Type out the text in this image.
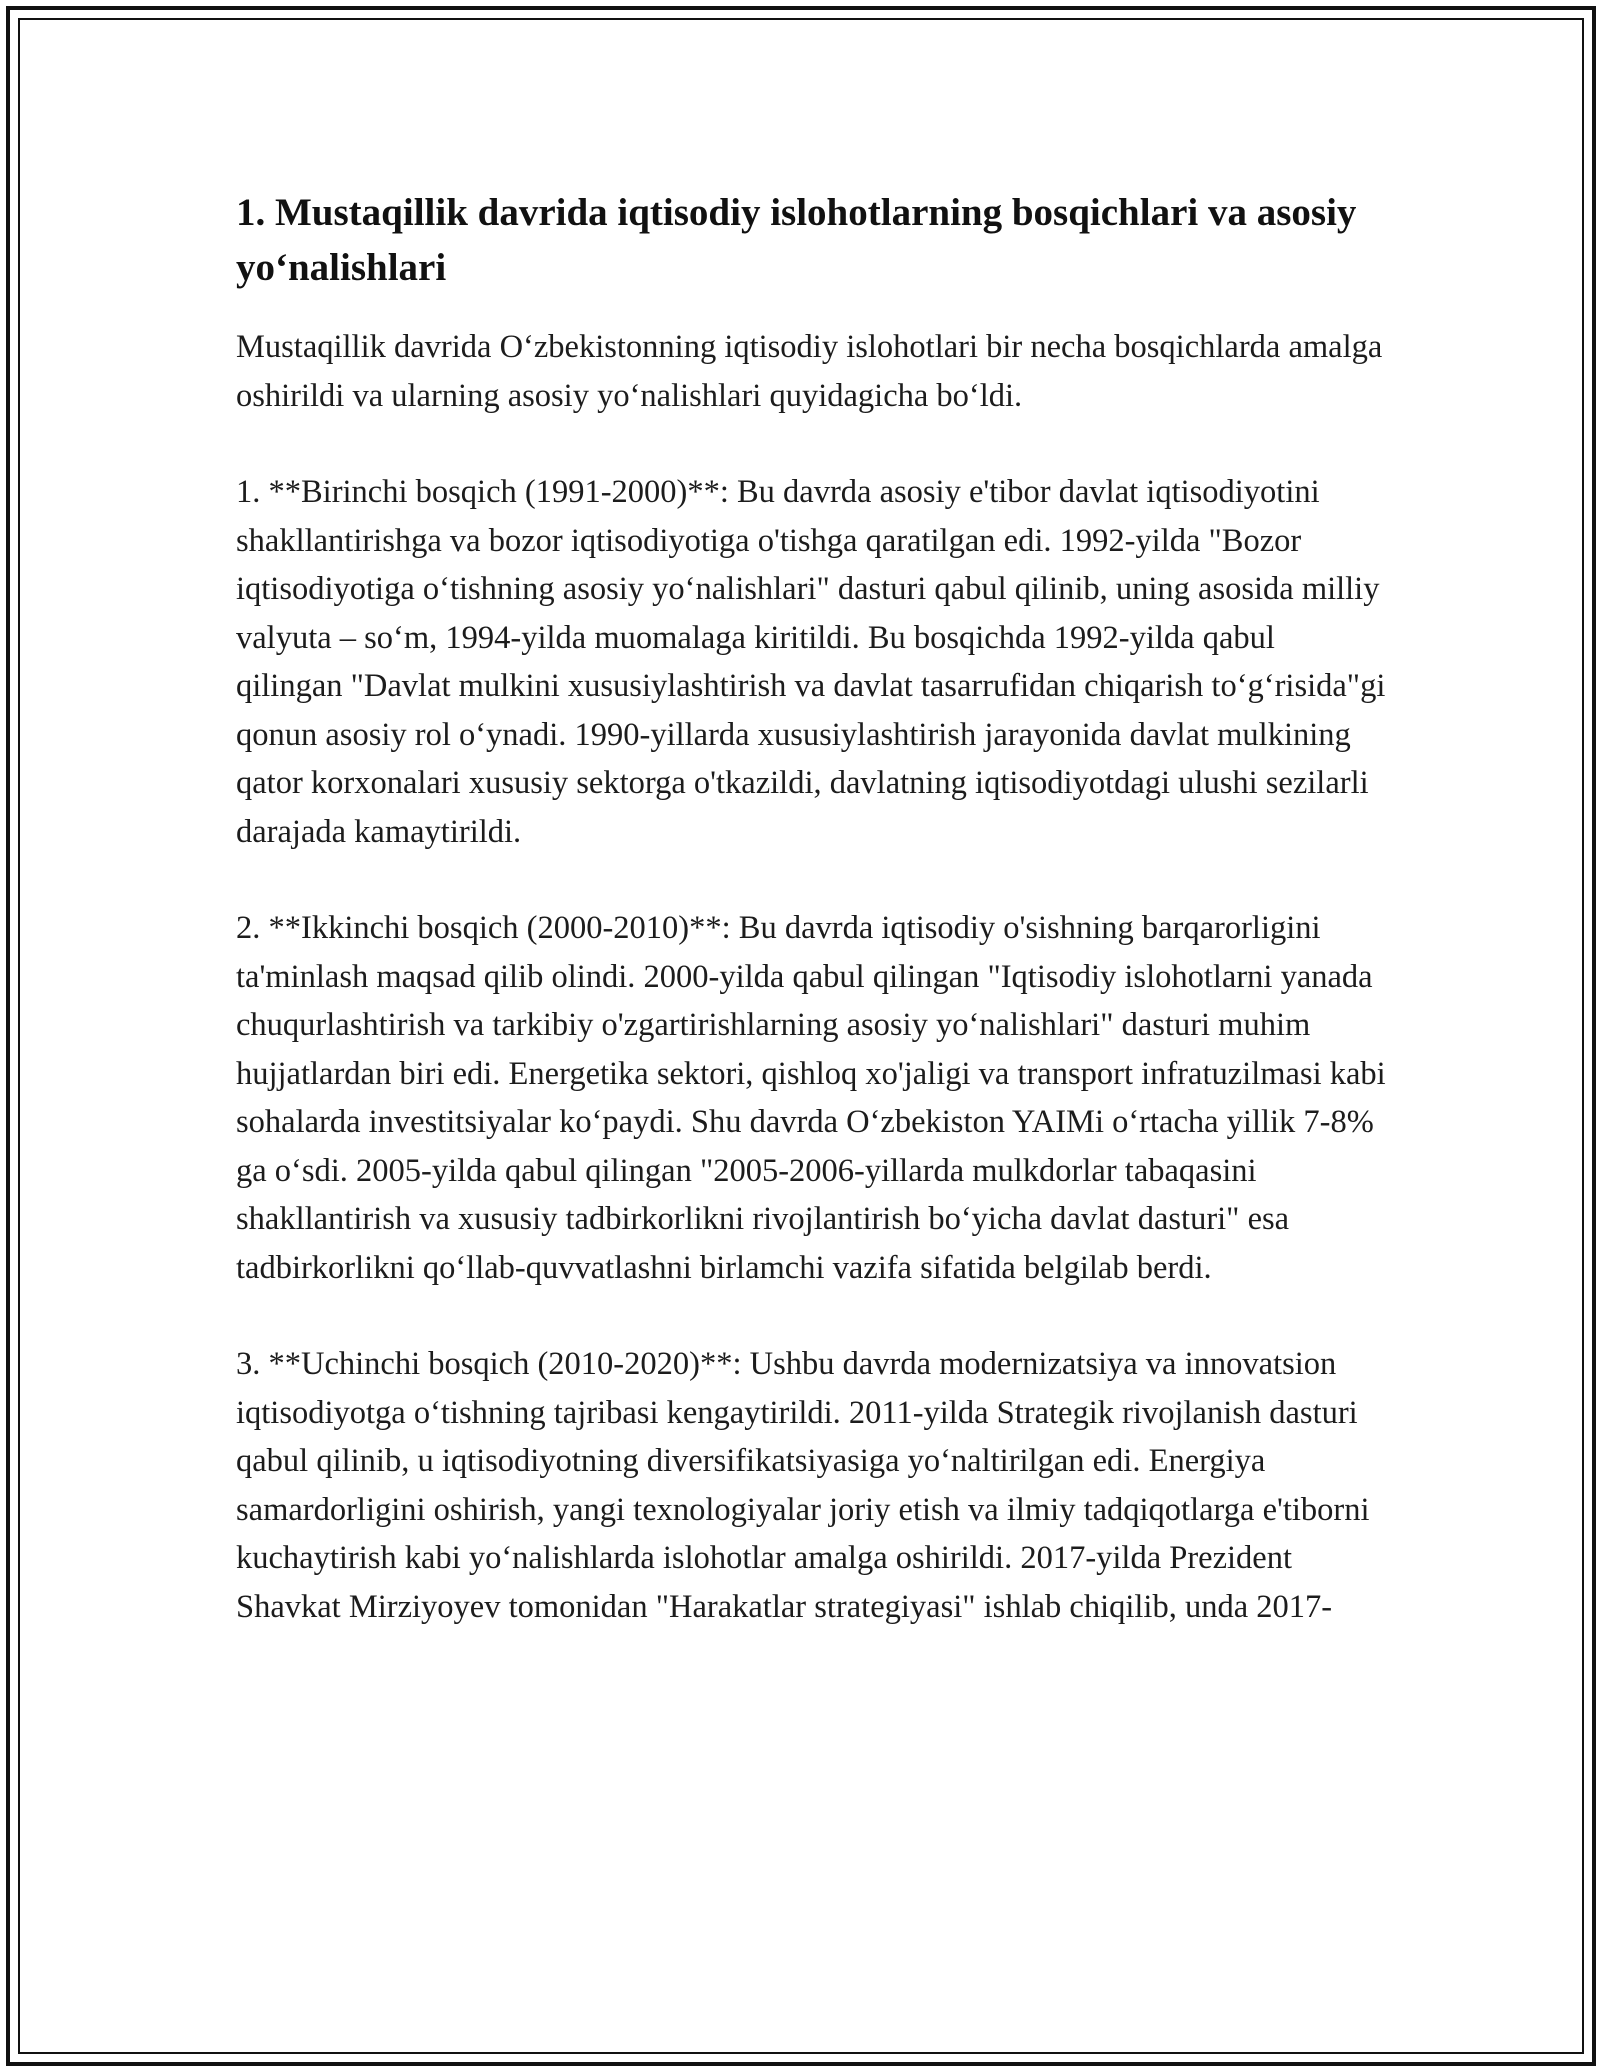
1. Mustaqillik davrida iqtisodiy islohotlarning bosqichlari va asosiy yo‘nalishlari

Mustaqillik davrida O‘zbekistonning iqtisodiy islohotlari bir necha bosqichlarda amalga oshirildi va ularning asosiy yo‘nalishlari quyidagicha bo‘ldi.

1. **Birinchi bosqich (1991-2000)**: Bu davrda asosiy e'tibor davlat iqtisodiyotini shakllantirishga va bozor iqtisodiyotiga o'tishga qaratilgan edi. 1992-yilda "Bozor iqtisodiyotiga o‘tishning asosiy yo‘nalishlari" dasturi qabul qilinib, uning asosida milliy valyuta – so‘m, 1994-yilda muomalaga kiritildi. Bu bosqichda 1992-yilda qabul qilingan "Davlat mulkini xususiylashtirish va davlat tasarrufidan chiqarish to‘g‘risida"gi qonun asosiy rol o‘ynadi. 1990-yillarda xususiylashtirish jarayonida davlat mulkining qator korxonalari xususiy sektorga o'tkazildi, davlatning iqtisodiyotdagi ulushi sezilarli darajada kamaytirildi.

2. **Ikkinchi bosqich (2000-2010)**: Bu davrda iqtisodiy o'sishning barqarorligini ta'minlash maqsad qilib olindi. 2000-yilda qabul qilingan "Iqtisodiy islohotlarni yanada chuqurlashtirish va tarkibiy o'zgartirishlarning asosiy yo‘nalishlari" dasturi muhim hujjatlardan biri edi. Energetika sektori, qishloq xo'jaligi va transport infratuzilmasi kabi sohalarda investitsiyalar ko‘paydi. Shu davrda O‘zbekiston YAIMi o‘rtacha yillik 7-8% ga o‘sdi. 2005-yilda qabul qilingan "2005-2006-yillarda mulkdorlar tabaqasini shakllantirish va xususiy tadbirkorlikni rivojlantirish bo‘yicha davlat dasturi" esa tadbirkorlikni qo‘llab-quvvatlashni birlamchi vazifa sifatida belgilab berdi.

3. **Uchinchi bosqich (2010-2020)**: Ushbu davrda modernizatsiya va innovatsion iqtisodiyotga o‘tishning tajribasi kengaytirildi. 2011-yilda Strategik rivojlanish dasturi qabul qilinib, u iqtisodiyotning diversifikatsiyasiga yo‘naltirilgan edi. Energiya samardorligini oshirish, yangi texnologiyalar joriy etish va ilmiy tadqiqotlarga e'tiborni kuchaytirish kabi yo‘nalishlarda islohotlar amalga oshirildi. 2017-yilda Prezident Shavkat Mirziyoyev tomonidan "Harakatlar strategiyasi" ishlab chiqilib, unda 2017-
